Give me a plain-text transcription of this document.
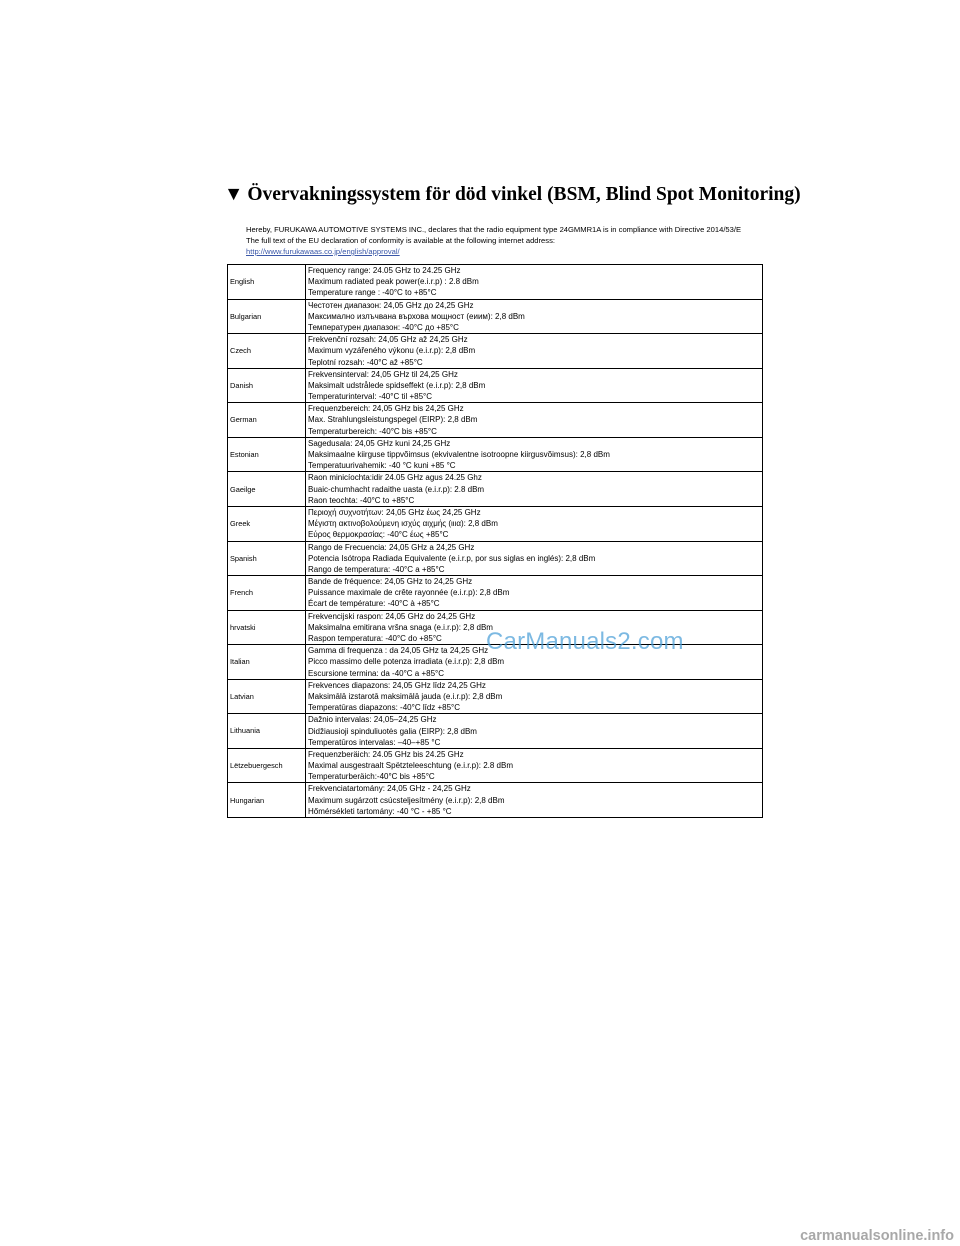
▼ Övervakningssystem för död vinkel (BSM, Blind Spot Monitoring)
Hereby, FURUKAWA AUTOMOTIVE SYSTEMS INC., declares that the radio equipment type 24GMMR1A is in compliance with Directive 2014/53/E
The full text of the EU declaration of conformity is available at the following internet address:
http://www.furukawaas.co.jp/english/approval/
English	Frequency range: 24.05 GHz to 24.25 GHz
Maximum radiated peak power(e.i.r.p) : 2.8 dBm
Temperature range : -40°C to +85°C

Bulgarian	Честотен диапазон: 24,05 GHz до 24,25 GHz
Максимално излъчвана върхова мощност (еиим): 2,8 dBm
Температурен диапазон: -40°C до +85°C

Czech	Frekvenční rozsah: 24,05 GHz až 24,25 GHz
Maximum vyzářeného výkonu (e.i.r.p): 2,8 dBm
Teplotní rozsah: -40°C až +85°C

Danish	Frekvensinterval: 24,05 GHz til 24,25 GHz
Maksimalt udstrålede spidseffekt (e.i.r.p): 2,8 dBm
Temperaturinterval: -40°C til +85°C

German	Frequenzbereich: 24,05 GHz bis 24,25 GHz
Max. Strahlungsleistungspegel (EIRP): 2,8 dBm
Temperaturbereich: -40°C bis +85°C

Estonian	Sagedusala: 24,05 GHz kuni 24,25 GHz
Maksimaalne kiirguse tippvõimsus (ekvivalentne isotroopne kiirgusvõimsus): 2,8 dBm
Temperatuurivahemik: -40 °C kuni +85 °C

Gaeilge	Raon minicíochta:idir 24.05 GHz agus 24.25 Ghz
Buaic-chumhacht radaithe uasta (e.i.r.p): 2.8 dBm
Raon teochta: -40°C to +85°C

Greek	Περιοχή συχνοτήτων: 24,05 GHz έως 24,25 GHz
Μέγιστη ακτινοβολούμενη ισχύς αιχμής (ιιια): 2,8 dBm
Εύρος θερμοκρασίας: -40°C έως +85°C

Spanish	Rango de Frecuencia: 24,05 GHz a 24,25 GHz
Potencia Isótropa Radiada Equivalente (e.i.r.p, por sus siglas en inglés): 2,8 dBm
Rango de temperatura: -40°C a +85°C

French	Bande de fréquence: 24,05 GHz to 24,25 GHz
Puissance maximale de crête rayonnée (e.i.r.p): 2,8 dBm
Écart de température: -40°C à +85°C

hrvatski	Frekvencijski raspon: 24,05 GHz do 24,25 GHz
Maksimalna emitirana vršna snaga (e.i.r.p): 2,8 dBm
Raspon temperatura: -40°C do +85°C

Italian	Gamma di frequenza : da 24,05 GHz ta 24,25 GHz
Picco massimo delle potenza irradiata (e.i.r.p): 2,8 dBm
Escursione termina: da -40°C a +85°C

Latvian	Frekvences diapazons: 24,05 GHz līdz 24,25 GHz
Maksimālā izstarotā maksimālā jauda (e.i.r.p): 2,8 dBm
Temperatūras diapazons: -40°C līdz +85°C

Lithuania	Dažnio intervalas: 24,05–24,25 GHz
Didžiausioji spinduliuotės galia (EIRP): 2,8 dBm
Temperatūros intervalas: –40–+85 °C

Lëtzebuergesch	Frequenzberäich: 24.05 GHz bis 24.25 GHz
Maximal ausgestraalt Spëtzteleeschtung (e.i.r.p): 2.8 dBm
Temperaturberäich:-40°C bis +85°C

Hungarian	Frekvenciatartomány: 24,05 GHz - 24,25 GHz
Maximum sugárzott csúcsteljesítmény (e.i.r.p): 2,8 dBm
Hőmérsékleti tartomány: -40 °C - +85 °C
CarManuals2.com
carmanualsonline.info
